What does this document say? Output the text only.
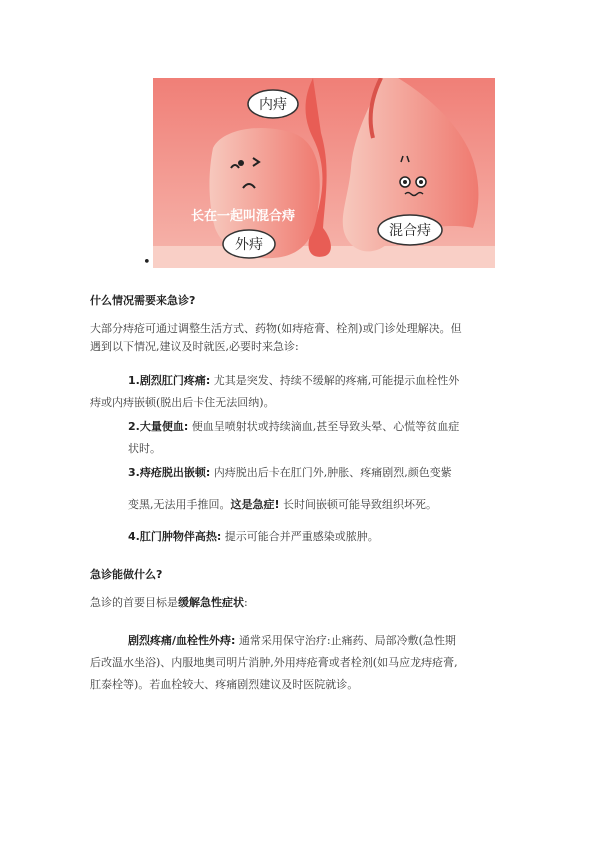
内痔
外痔
混合痔
长在一起叫混合痔
•
什么情况需要来急诊?
大部分痔疮可通过调整生活方式、药物(如痔疮膏、栓剂)或门诊处理解决。但
遇到以下情况,建议及时就医,必要时来急诊:
1.剧烈肛门疼痛: 尤其是突发、持续不缓解的疼痛,可能提示血栓性外
痔或内痔嵌顿(脱出后卡住无法回纳)。
2.大量便血: 便血呈喷射状或持续滴血,甚至导致头晕、心慌等贫血症
状时。
3.痔疮脱出嵌顿: 内痔脱出后卡在肛门外,肿胀、疼痛剧烈,颜色变紫
变黑,无法用手推回。这是急症! 长时间嵌顿可能导致组织坏死。
4.肛门肿物伴高热: 提示可能合并严重感染或脓肿。
急诊能做什么?
急诊的首要目标是缓解急性症状:
剧烈疼痛/血栓性外痔: 通常采用保守治疗:止痛药、局部冷敷(急性期
后改温水坐浴)、内服地奥司明片消肿,外用痔疮膏或者栓剂(如马应龙痔疮膏,
肛泰栓等)。若血栓较大、疼痛剧烈建议及时医院就诊。
